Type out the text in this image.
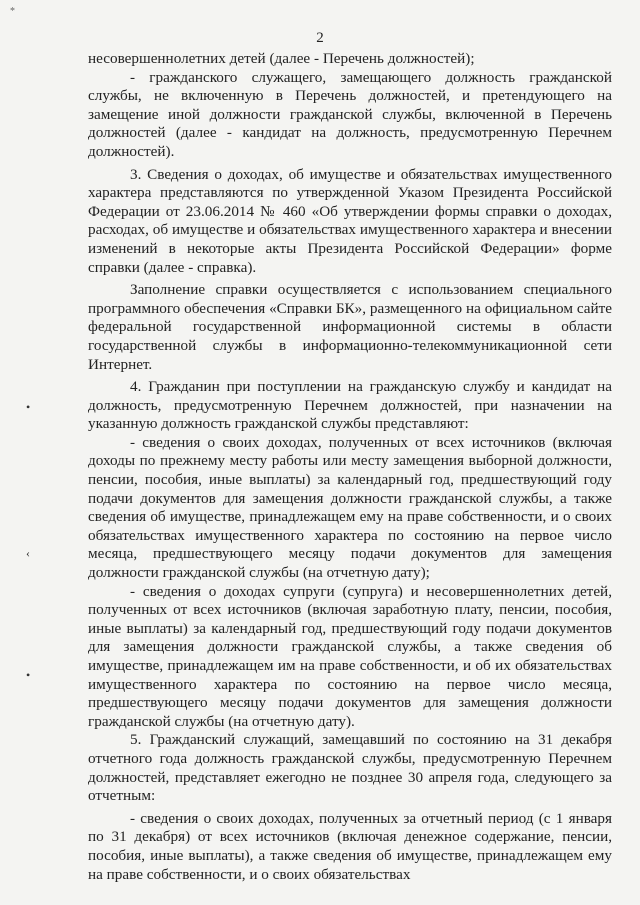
*
2
•
‹
•

несовершеннолетних детей (далее - Перечень должностей);

- гражданского служащего, замещающего должность гражданской службы, не включенную в Перечень должностей, и претендующего на замещение иной должности гражданской службы, включенной в Перечень должностей (далее - кандидат на должность, предусмотренную Перечнем должностей).

3. Сведения о доходах, об имуществе и обязательствах имущественного характера представляются по утвержденной Указом Президента Российской Федерации от 23.06.2014 № 460 «Об утверждении формы справки о доходах, расходах, об имуществе и обязательствах имущественного характера и внесении изменений в некоторые акты Президента Российской Федерации» форме справки (далее - справка).

Заполнение справки осуществляется с использованием специального программного обеспечения «Справки БК», размещенного на официальном сайте федеральной государственной информационной системы в области государственной службы в информационно-телекоммуникационной сети Интернет.

4. Гражданин при поступлении на гражданскую службу и кандидат на должность, предусмотренную Перечнем должностей, при назначении на указанную должность гражданской службы представляют:

- сведения о своих доходах, полученных от всех источников (включая доходы по прежнему месту работы или месту замещения выборной должности, пенсии, пособия, иные выплаты) за календарный год, предшествующий году подачи документов для замещения должности гражданской службы, а также сведения об имуществе, принадлежащем ему на праве собственности, и о своих обязательствах имущественного характера по состоянию на первое число месяца, предшествующего месяцу подачи документов для замещения должности гражданской службы (на отчетную дату);

- сведения о доходах супруги (супруга) и несовершеннолетних детей, полученных от всех источников (включая заработную плату, пенсии, пособия, иные выплаты) за календарный год, предшествующий году подачи документов для замещения должности гражданской службы, а также сведения об имуществе, принадлежащем им на праве собственности, и об их обязательствах имущественного характера по состоянию на первое число месяца, предшествующего месяцу подачи документов для замещения должности гражданской службы (на отчетную дату).

5. Гражданский служащий, замещавший по состоянию на 31 декабря отчетного года должность гражданской службы, предусмотренную Перечнем должностей, представляет ежегодно не позднее 30 апреля года, следующего за отчетным:

- сведения о своих доходах, полученных за отчетный период (с 1 января по 31 декабря) от всех источников (включая денежное содержание, пенсии, пособия, иные выплаты), а также сведения об имуществе, принадлежащем ему на праве собственности, и о своих обязательствах
